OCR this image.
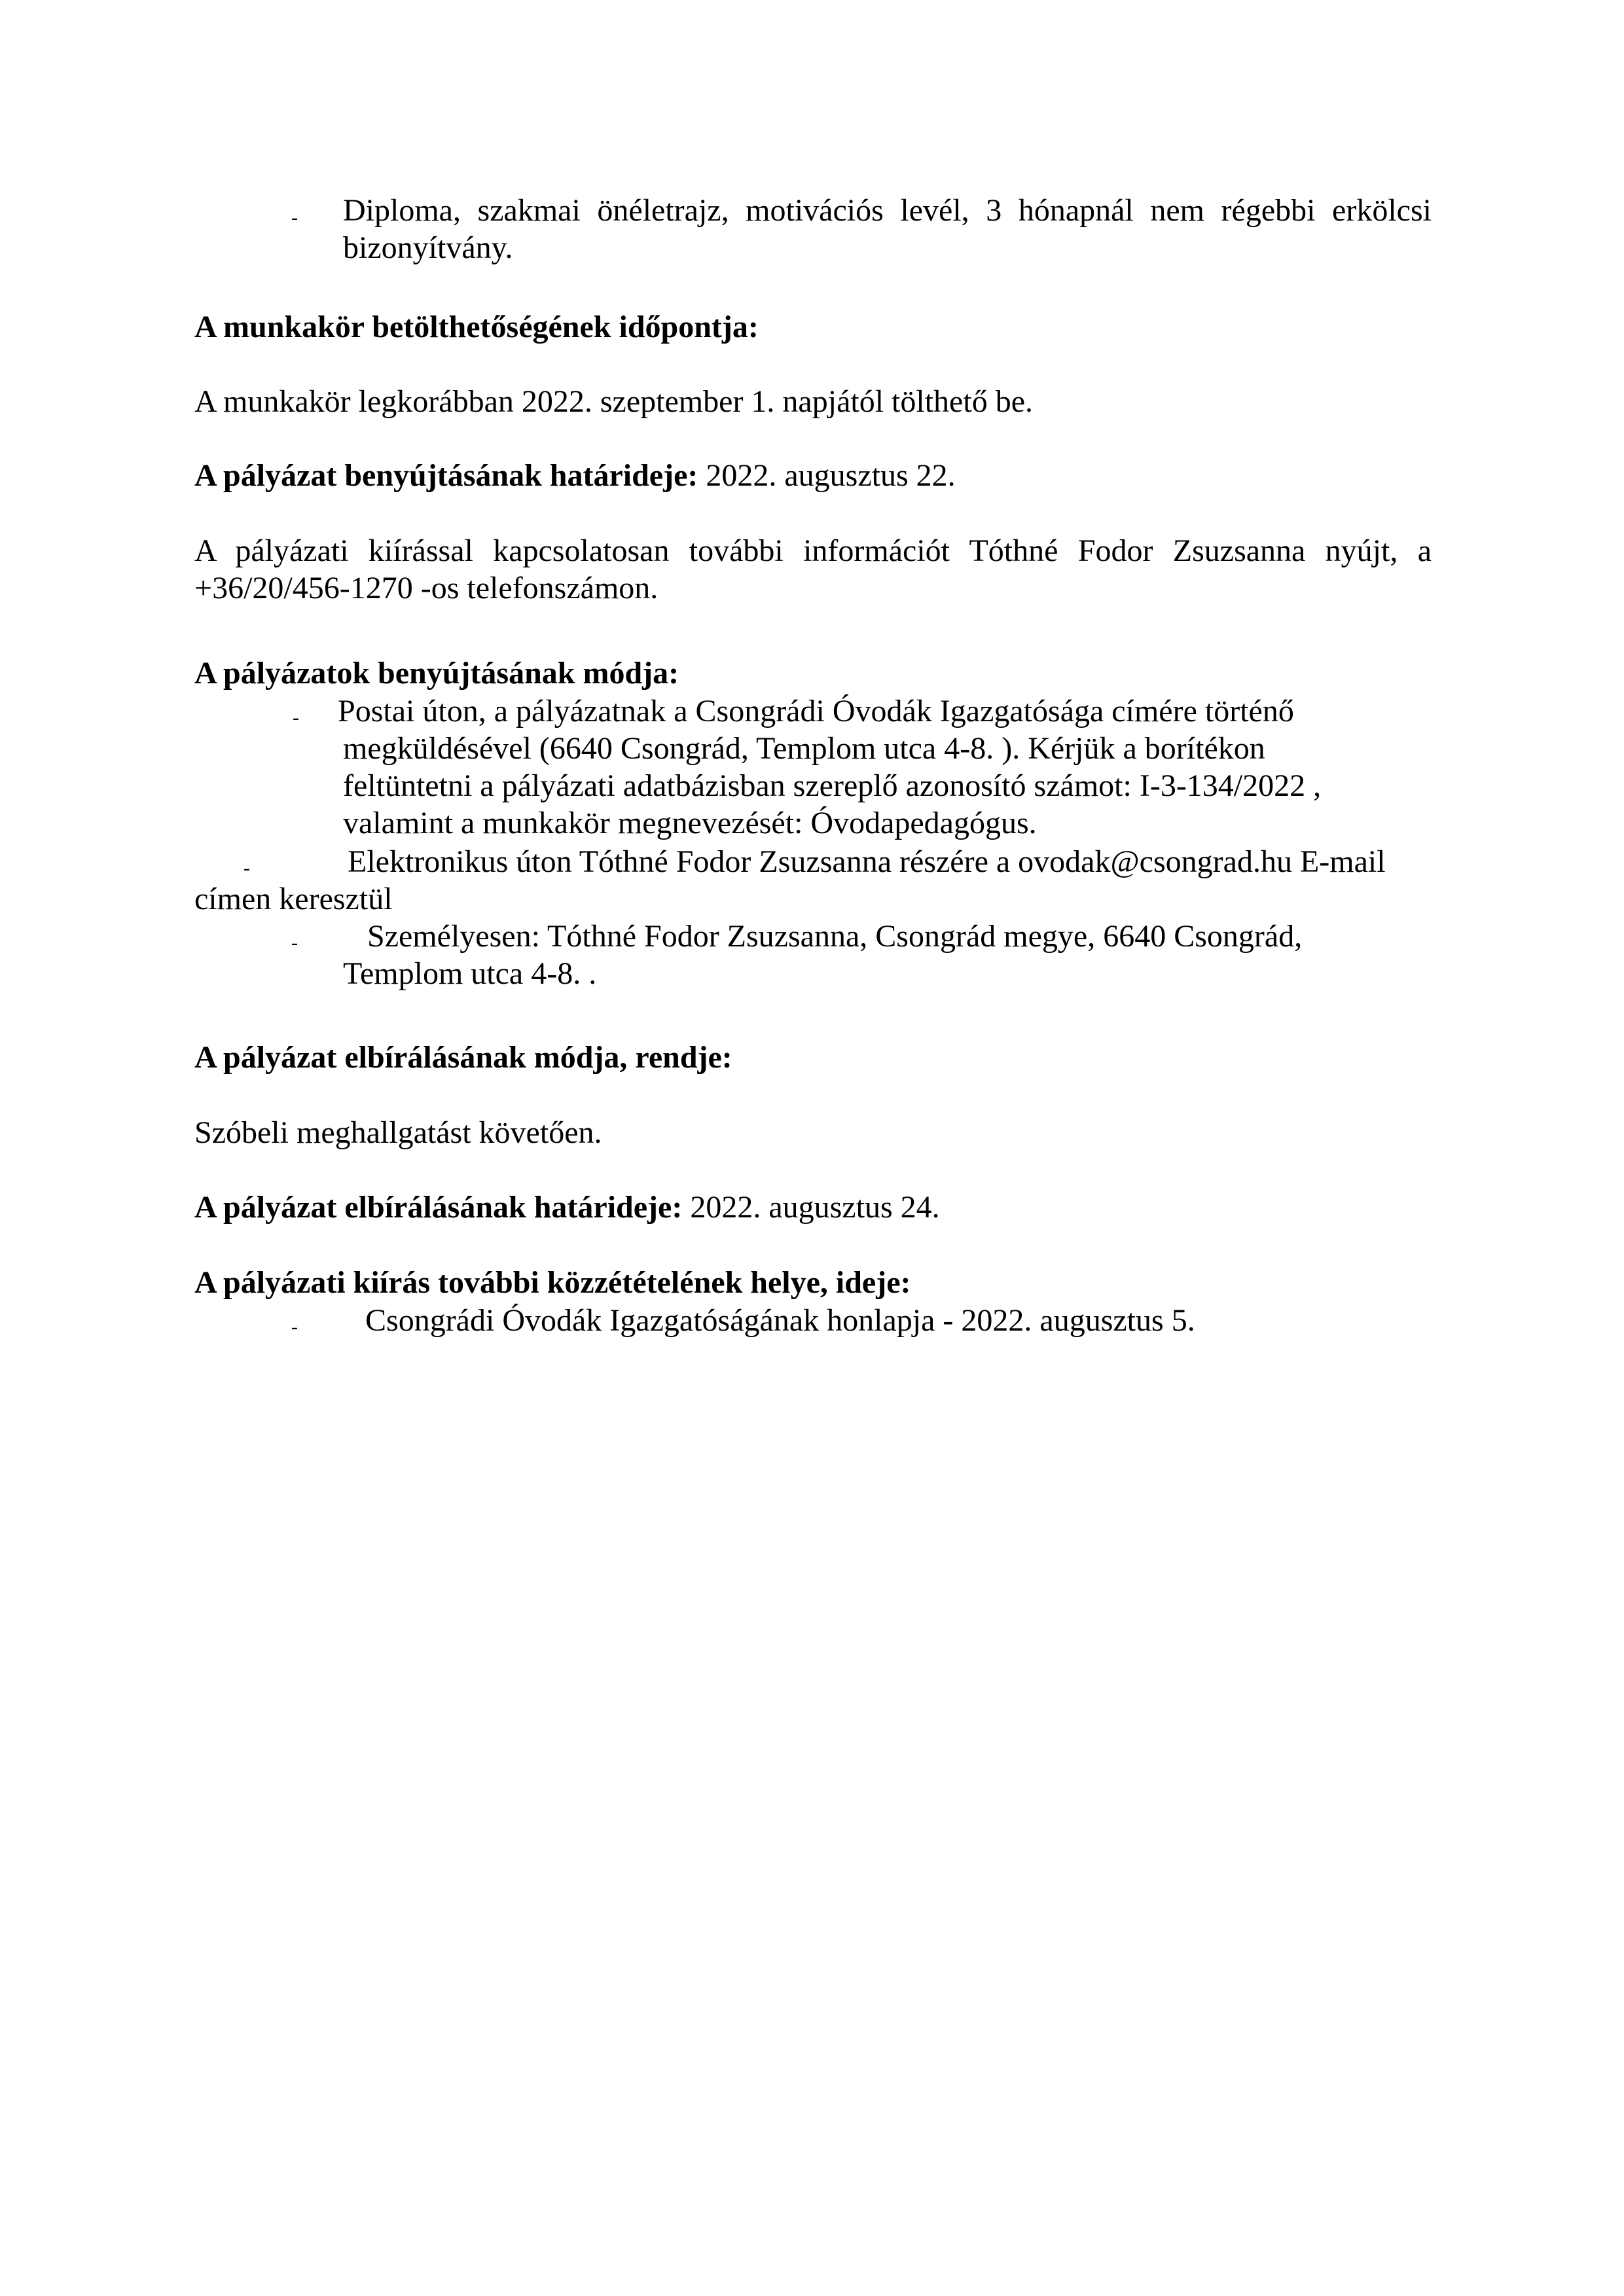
- Diploma, szakmai önéletrajz, motivációs levél, 3 hónapnál nem régebbi erkölcsi bizonyítvány.
A munkakör betölthetőségének időpontja:
A munkakör legkorábban 2022. szeptember 1. napjától tölthető be.
A pályázat benyújtásának határideje: 2022. augusztus 22.
A pályázati kiírással kapcsolatosan további információt Tóthné Fodor Zsuzsanna nyújt, a +36/20/456-1270 -os telefonszámon.
A pályázatok benyújtásának módja:
- Postai úton, a pályázatnak a Csongrádi Óvodák Igazgatósága címére történő
megküldésével (6640 Csongrád, Templom utca 4-8. ). Kérjük a borítékon
feltüntetni a pályázati adatbázisban szereplő azonosító számot: I-3-134/2022 ,
valamint a munkakör megnevezését: Óvodapedagógus.
-	Elektronikus úton Tóthné Fodor Zsuzsanna részére a ovodak@csongrad.hu E-mail
címen keresztül
- Személyesen: Tóthné Fodor Zsuzsanna, Csongrád megye, 6640 Csongrád,
Templom utca 4-8. .
A pályázat elbírálásának módja, rendje:
Szóbeli meghallgatást követően.
A pályázat elbírálásának határideje: 2022. augusztus 24.
A pályázati kiírás további közzétételének helye, ideje:
- Csongrádi Óvodák Igazgatóságának honlapja - 2022. augusztus 5.
